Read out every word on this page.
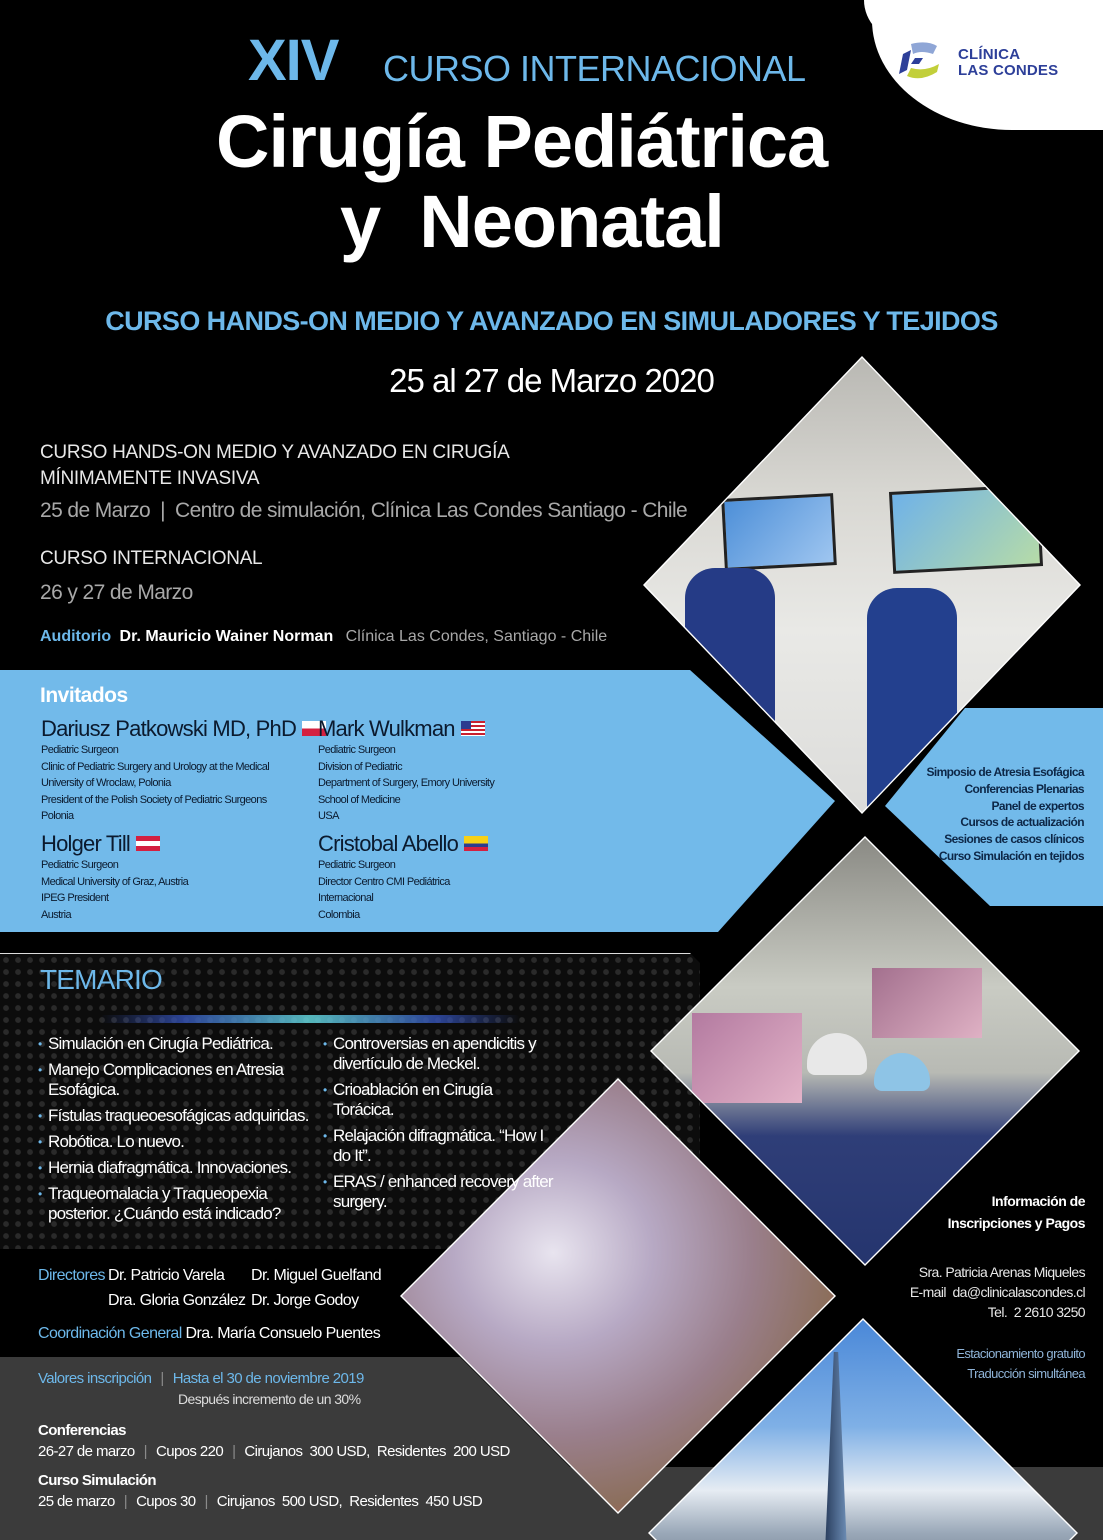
CLÍNICA
LAS CONDES
XIV CURSO INTERNACIONAL
Cirugía Pediátrica
y  Neonatal
CURSO HANDS-ON MEDIO Y AVANZADO EN SIMULADORES Y TEJIDOS
25 al 27 de Marzo 2020
CURSO HANDS-ON MEDIO Y AVANZADO EN CIRUGÍA
MÍNIMAMENTE INVASIVA
25 de Marzo | Centro de simulación, Clínica Las Condes Santiago - Chile
CURSO INTERNACIONAL
26 y 27 de Marzo
Auditorio Dr. Mauricio Wainer Norman Clínica Las Condes, Santiago - Chile
Simposio de Atresia Esofágica
Conferencias Plenarias
Panel de expertos
Cursos de actualización
Sesiones de casos clínicos
Curso Simulación en tejidos
Invitados
Dariusz Patkowski MD, PhD
Pediatric Surgeon
Clinic of Pediatric Surgery and Urology at the Medical
University of Wroclaw, Polonia
President of the Polish Society of Pediatric Surgeons
Polonia
Mark Wulkman
Pediatric Surgeon
Division of Pediatric
Department of Surgery, Emory University
School of Medicine
USA
Holger Till
Pediatric Surgeon
Medical University of Graz, Austria
IPEG President
Austria
Cristobal Abello
Pediatric Surgeon
Director Centro CMI Pediátrica
Internacional
Colombia
TEMARIO
• Simulación en Cirugía Pediátrica.
• Manejo Complicaciones en Atresia Esofágica.
• Fístulas traqueoesofágicas adquiridas.
• Robótica. Lo nuevo.
• Hernia diafragmática. Innovaciones.
• Traqueomalacia y Traqueopexia posterior. ¿Cuándo está indicado?
• Controversias en apendicitis y divertículo de Meckel.
• Crioablación en Cirugía Torácica.
• Relajación difragmática. “How I do It”.
• ERAS / enhanced recovery after surgery.
Directores Dr. Patricio Varela Dr. Miguel Guelfand
Dra. Gloria González Dr. Jorge Godoy
Coordinación General Dra. María Consuelo Puentes
Valores inscripción | Hasta el 30 de noviembre 2019
Después incremento de un 30%
Conferencias
26-27 de marzo | Cupos 220 | Cirujanos  300 USD,  Residentes  200 USD
Curso Simulación
25 de marzo | Cupos 30 | Cirujanos  500 USD,  Residentes  450 USD
Información de
Inscripciones y Pagos
Sra. Patricia Arenas Miqueles
E-mail  da@clinicalascondes.cl
Tel.  2 2610 3250
Estacionamiento gratuito
Traducción simultánea
